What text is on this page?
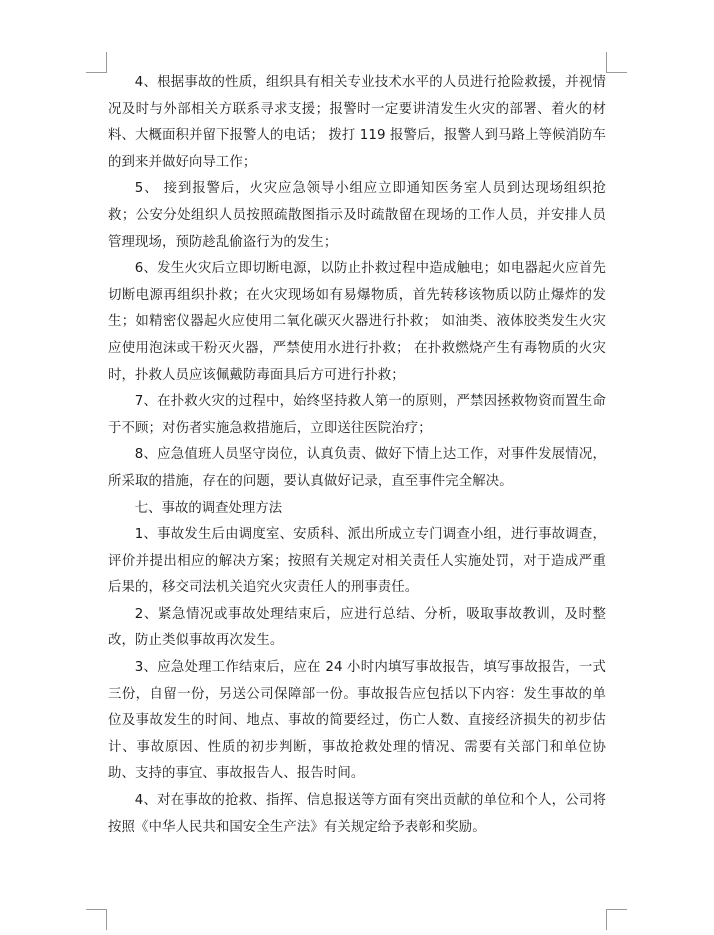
4、根据事故的性质，组织具有相关专业技术水平的人员进行抢险救援，并视情况及时与外部相关方联系寻求支援；报警时一定要讲清发生火灾的部署、着火的材料、大概面积并留下报警人的电话； 拨打 119 报警后，报警人到马路上等候消防车的到来并做好向导工作；

5、 接到报警后，火灾应急领导小组应立即通知医务室人员到达现场组织抢救；公安分处组织人员按照疏散图指示及时疏散留在现场的工作人员，并安排人员管理现场，预防趁乱偷盗行为的发生；

6、发生火灾后立即切断电源，以防止扑救过程中造成触电；如电器起火应首先切断电源再组织扑救；在火灾现场如有易爆物质，首先转移该物质以防止爆炸的发生；如精密仪器起火应使用二氧化碳灭火器进行扑救； 如油类、液体胶类发生火灾应使用泡沫或干粉灭火器，严禁使用水进行扑救； 在扑救燃烧产生有毒物质的火灾时，扑救人员应该佩戴防毒面具后方可进行扑救；

7、在扑救火灾的过程中，始终坚持救人第一的原则，严禁因拯救物资而置生命于不顾；对伤者实施急救措施后，立即送往医院治疗；

8、应急值班人员坚守岗位，认真负责、做好下情上达工作，对事件发展情况，所采取的措施，存在的问题，要认真做好记录，直至事件完全解决。

七、事故的调查处理方法

1、事故发生后由调度室、安质科、派出所成立专门调查小组，进行事故调查，评价并提出相应的解决方案；按照有关规定对相关责任人实施处罚，对于造成严重后果的，移交司法机关追究火灾责任人的刑事责任。

2、紧急情况或事故处理结束后，应进行总结、分析，吸取事故教训，及时整改，防止类似事故再次发生。

3、应急处理工作结束后，应在 24 小时内填写事故报告，填写事故报告，一式三份，自留一份，另送公司保障部一份。事故报告应包括以下内容：发生事故的单位及事故发生的时间、地点、事故的简要经过，伤亡人数、直接经济损失的初步估计、事故原因、性质的初步判断，事故抢救处理的情况、需要有关部门和单位协助、支持的事宜、事故报告人、报告时间。

4、对在事故的抢救、指挥、信息报送等方面有突出贡献的单位和个人，公司将按照《中华人民共和国安全生产法》有关规定给予表彰和奖励。
